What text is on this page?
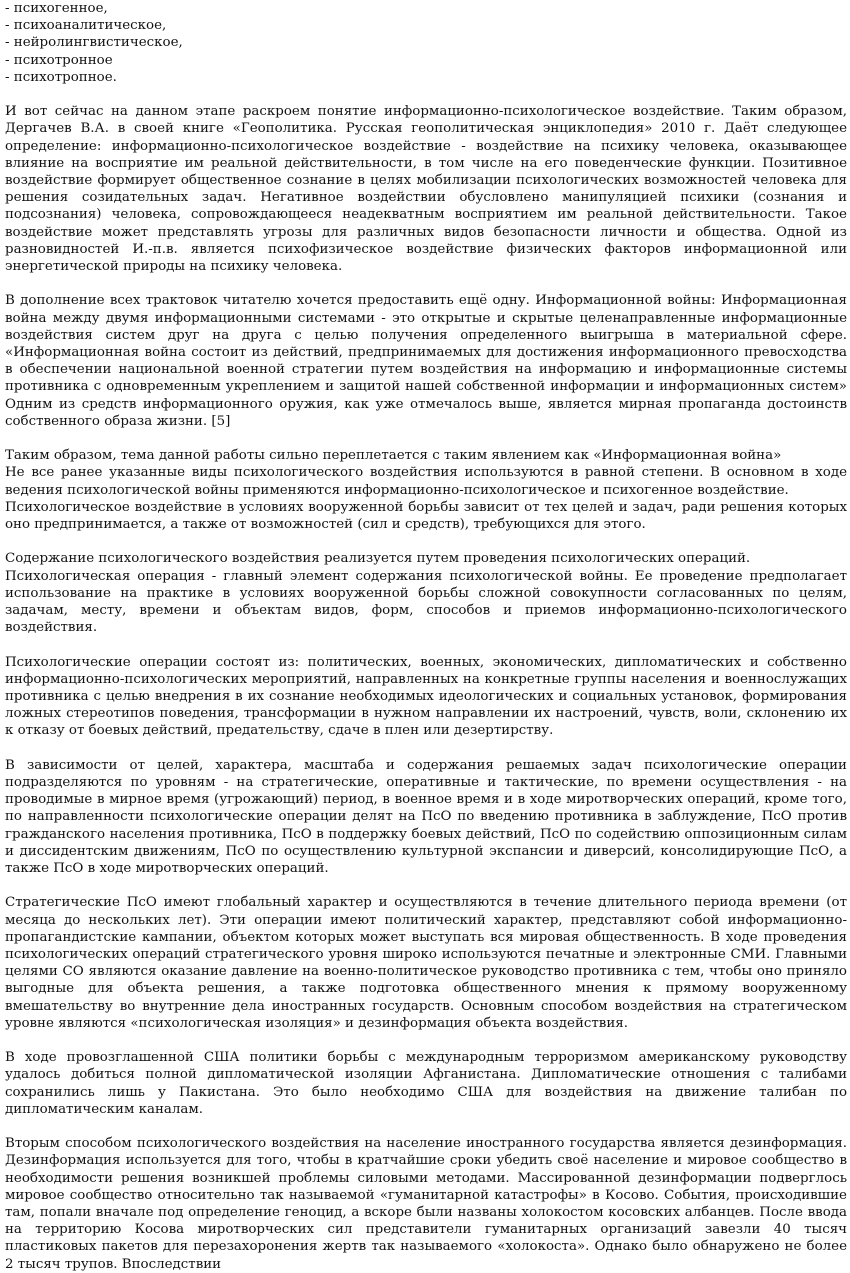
- психогенное,
- психоаналитическое,
- нейролингвистическое,
- психотронное
- психотропное.

И вот сейчас на данном этапе раскроем понятие информационно-психологическое воздействие. Таким образом, Дергачев В.А. в своей книге «Геополитика. Русская геополитическая энциклопедия» 2010 г. Даёт следующее определение: информационно-психологическое воздействие - воздействие на психику человека, оказывающее влияние на восприятие им реальной действительности, в том числе на его поведенческие функции. Позитивное воздействие формирует общественное сознание в целях мобилизации психологических возможностей человека для решения созидательных задач. Негативное воздействии обусловлено манипуляцией психики (сознания и подсознания) человека, сопровождающееся неадекватным восприятием им реальной действительности. Такое воздействие может представлять угрозы для различных видов безопасности личности и общества. Одной из разновидностей И.-п.в. является психофизическое воздействие физических факторов информационной или энергетической природы на психику человека.

В дополнение всех трактовок читателю хочется предоставить ещё одну. Информационной войны: Информационная война между двумя информационными системами - это открытые и скрытые целенаправленные информационные воздействия систем друг на друга с целью получения определенного выигрыша в материальной сфере. «Информационная война состоит из действий, предпринимаемых для достижения информационного превосходства в обеспечении национальной военной стратегии путем воздействия на информацию и информационные системы противника с одновременным укреплением и защитой нашей собственной информации и информационных систем» Одним из средств информационного оружия, как уже отмечалось выше, является мирная пропаганда достоинств собственного образа жизни. [5]

Таким образом, тема данной работы сильно переплетается с таким явлением как «Информационная война»

Не все ранее указанные виды психологического воздействия используются в равной степени. В основном в ходе ведения психологической войны применяются информационно-психологическое и психогенное воздействие.

Психологическое воздействие в условиях вооруженной борьбы зависит от тех целей и задач, ради решения которых оно предпринимается, а также от возможностей (сил и средств), требующихся для этого.

Содержание психологического воздействия реализуется путем проведения психологических операций.

Психологическая операция - главный элемент содержания психологической войны. Ее проведение предполагает использование на практике в условиях вооруженной борьбы сложной совокупности согласованных по целям, задачам, месту, времени и объектам видов, форм, способов и приемов информационно-психологического воздействия.

Психологические операции состоят из: политических, военных, экономических, дипломатических и собственно информационно-психологических мероприятий, направленных на конкретные группы населения и военнослужащих противника с целью внедрения в их сознание необходимых идеологических и социальных установок, формирования ложных стереотипов поведения, трансформации в нужном направлении их настроений, чувств, воли, склонению их к отказу от боевых действий, предательству, сдаче в плен или дезертирству.

В зависимости от целей, характера, масштаба и содержания решаемых задач психологические операции подразделяются по уровням - на стратегические, оперативные и тактические, по времени осуществления - на проводимые в мирное время (угрожающий) период, в военное время и в ходе миротворческих операций, кроме того, по направленности психологические операции делят на ПсО по введению противника в заблуждение, ПсО против гражданского населения противника, ПсО в поддержку боевых действий, ПсО по содействию оппозиционным силам и диссидентским движениям, ПсО по осуществлению культурной экспансии и диверсий, консолидирующие ПсО, а также ПсО в ходе миротворческих операций.

Стратегические ПсО имеют глобальный характер и осуществляются в течение длительного периода времени (от месяца до нескольких лет). Эти операции имеют политический характер, представляют собой информационно-пропагандистские кампании, объектом которых может выступать вся мировая общественность. В ходе проведения психологических операций стратегического уровня широко используются печатные и электронные СМИ. Главными целями СО являются оказание давление на военно-политическое руководство противника с тем, чтобы оно приняло выгодные для объекта решения, а также подготовка общественного мнения к прямому вооруженному вмешательству во внутренние дела иностранных государств. Основным способом воздействия на стратегическом уровне являются «психологическая изоляция» и дезинформация объекта воздействия.

В ходе провозглашенной США политики борьбы с международным терроризмом американскому руководству удалось добиться полной дипломатической изоляции Афганистана. Дипломатические отношения с талибами сохранились лишь у Пакистана. Это было необходимо США для воздействия на движение талибан по дипломатическим каналам.

Вторым способом психологического воздействия на население иностранного государства является дезинформация. Дезинформация используется для того, чтобы в кратчайшие сроки убедить своё население и мировое сообщество в необходимости решения возникшей проблемы силовыми методами. Массированной дезинформации подверглось мировое сообщество относительно так называемой «гуманитарной катастрофы» в Косово. События, происходившие там, попали вначале под определение геноцид, а вскоре были названы холокостом косовских албанцев. После ввода на территорию Косова миротворческих сил представители гуманитарных организаций завезли 40 тысяч пластиковых пакетов для перезахоронения жертв так называемого «холокоста». Однако было обнаружено не более 2 тысяч трупов. Впоследствии
